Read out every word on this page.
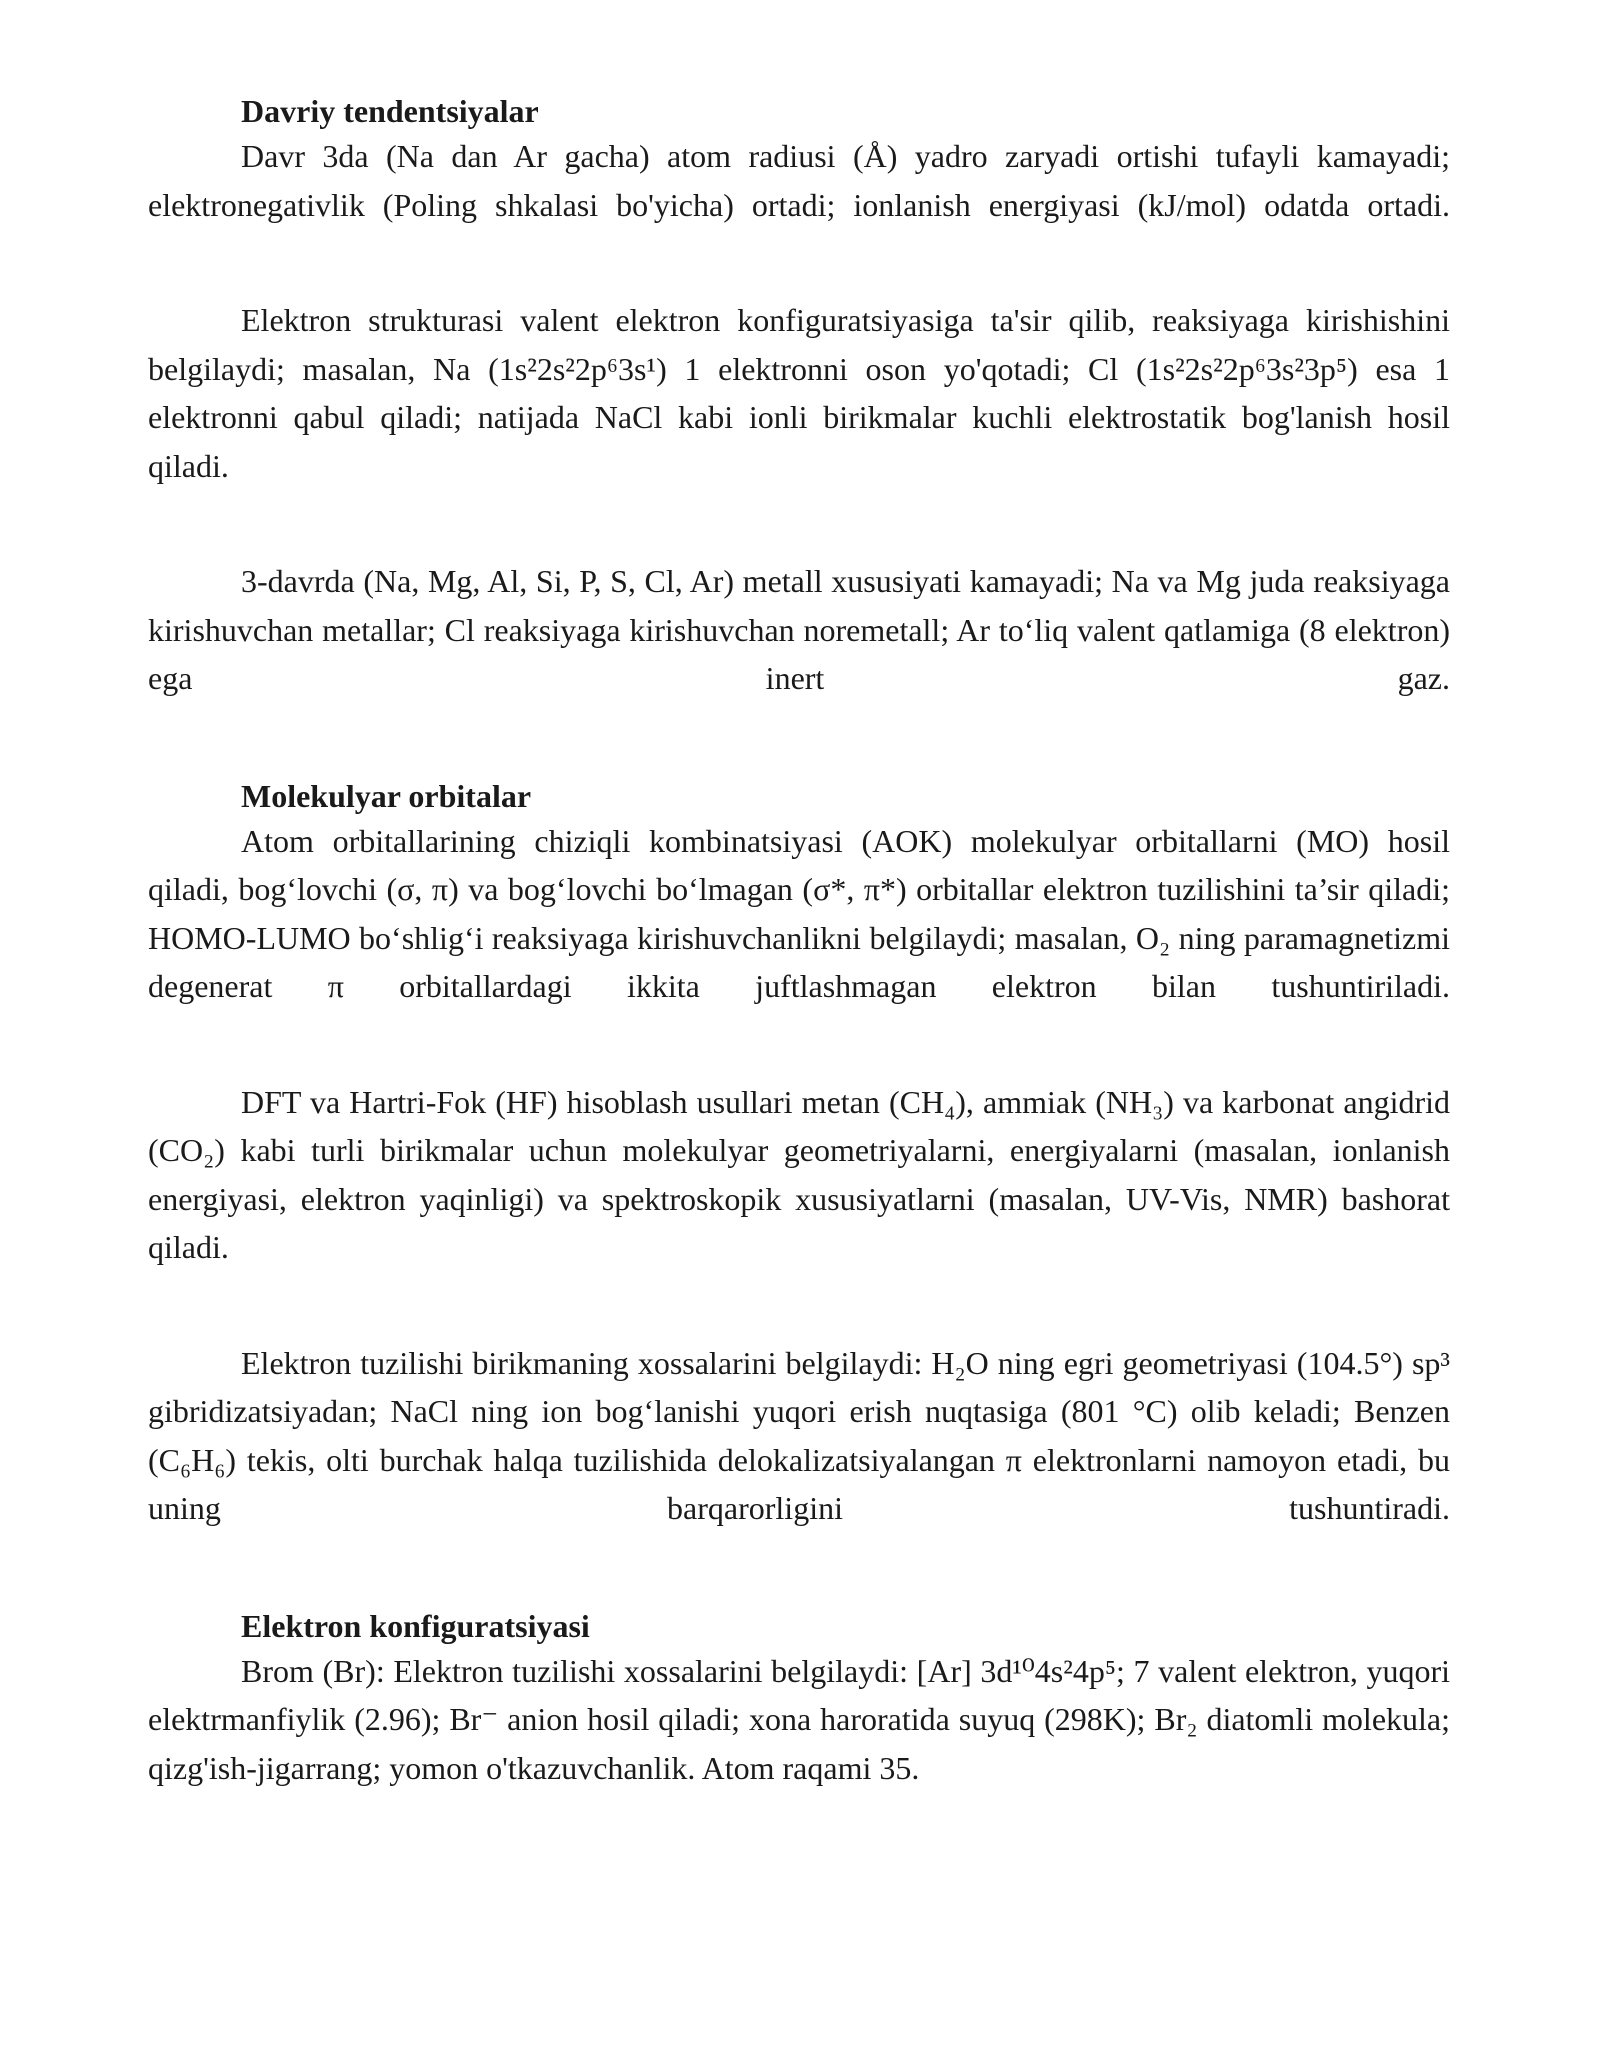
Davriy tendentsiyalar

Davr 3da (Na dan Ar gacha) atom radiusi (Å) yadro zaryadi ortishi tufayli kamayadi; elektronegativlik (Poling shkalasi bo'yicha) ortadi; ionlanish energiyasi (kJ/mol) odatda ortadi.

Elektron strukturasi valent elektron konfiguratsiyasiga ta'sir qilib, reaksiyaga kirishishini belgilaydi; masalan, Na (1s²2s²2p⁶3s¹) 1 elektronni oson yo'qotadi; Cl (1s²2s²2p⁶3s²3p⁵) esa 1 elektronni qabul qiladi; natijada NaCl kabi ionli birikmalar kuchli elektrostatik bog'lanish hosil qiladi.

3-davrda (Na, Mg, Al, Si, P, S, Cl, Ar) metall xususiyati kamayadi; Na va Mg juda reaksiyaga kirishuvchan metallar; Cl reaksiyaga kirishuvchan noremetall; Ar to‘liq valent qatlamiga (8 elektron) ega inert gaz.

Molekulyar orbitalar

Atom orbitallarining chiziqli kombinatsiyasi (AOK) molekulyar orbitallarni (MO) hosil qiladi, bog‘lovchi (σ, π) va bog‘lovchi bo‘lmagan (σ*, π*) orbitallar elektron tuzilishini ta’sir qiladi; HOMO-LUMO bo‘shlig‘i reaksiyaga kirishuvchanlikni belgilaydi; masalan, O₂ ning paramagnetizmi degenerat π orbitallardagi ikkita juftlashmagan elektron bilan tushuntiriladi.

DFT va Hartri-Fok (HF) hisoblash usullari metan (CH₄), ammiak (NH₃) va karbonat angidrid (CO₂) kabi turli birikmalar uchun molekulyar geometriyalarni, energiyalarni (masalan, ionlanish energiyasi, elektron yaqinligi) va spektroskopik xususiyatlarni (masalan, UV-Vis, NMR) bashorat qiladi.

Elektron tuzilishi birikmaning xossalarini belgilaydi: H₂O ning egri geometriyasi (104.5°) sp³ gibridizatsiyadan; NaCl ning ion bog‘lanishi yuqori erish nuqtasiga (801 °C) olib keladi; Benzen (C₆H₆) tekis, olti burchak halqa tuzilishida delokalizatsiyalangan π elektronlarni namoyon etadi, bu uning barqarorligini tushuntiradi.

Elektron konfiguratsiyasi

Brom (Br): Elektron tuzilishi xossalarini belgilaydi: [Ar] 3d¹⁰4s²4p⁵; 7 valent elektron, yuqori elektrmanfiylik (2.96); Br⁻ anion hosil qiladi; xona haroratida suyuq (298K); Br₂ diatomli molekula; qizg'ish-jigarrang; yomon o'tkazuvchanlik. Atom raqami 35.
